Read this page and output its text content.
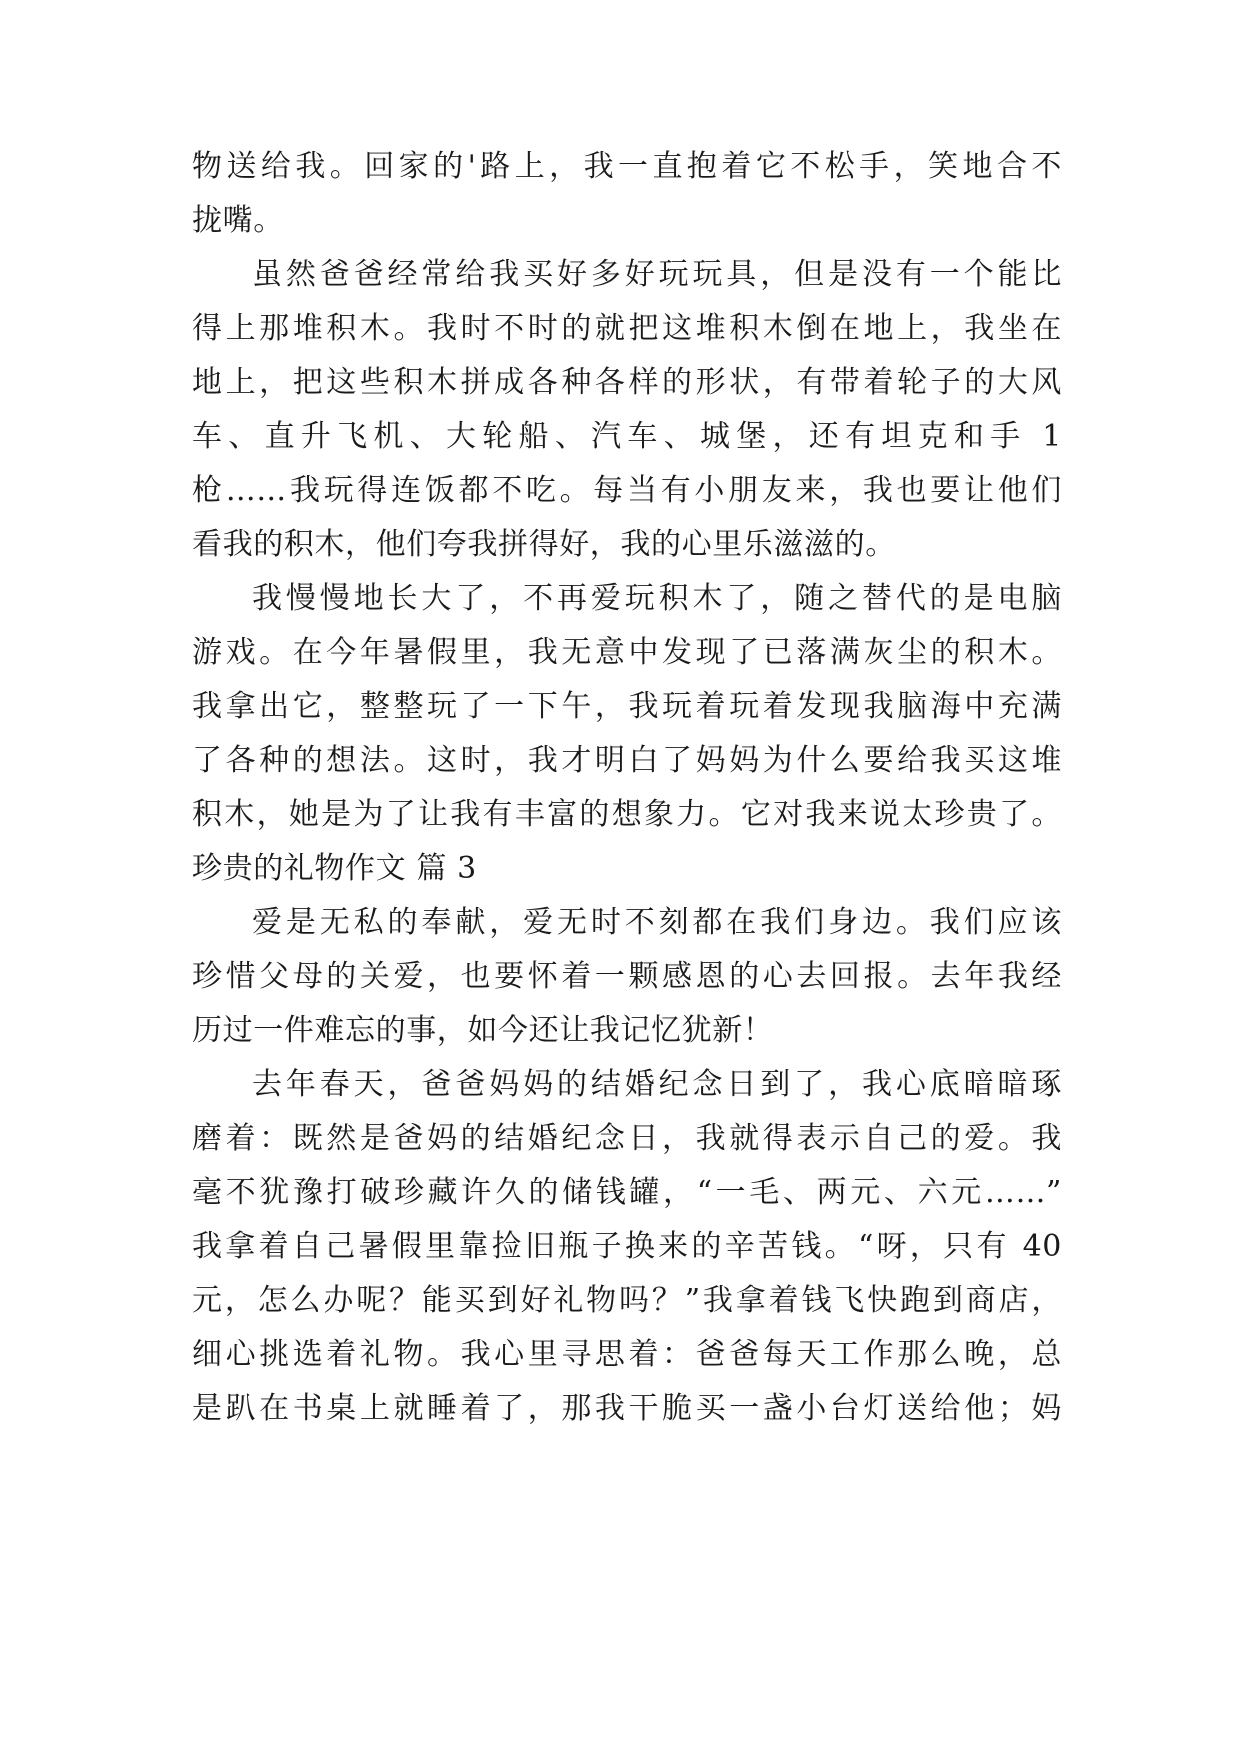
物送给我。回家的'路上，我一直抱着它不松手，笑地合不
拢嘴。
虽然爸爸经常给我买好多好玩玩具，但是没有一个能比
得上那堆积木。我时不时的就把这堆积木倒在地上，我坐在
地上，把这些积木拼成各种各样的形状，有带着轮子的大风
车、直升飞机、大轮船、汽车、城堡，还有坦克和手 1
枪……我玩得连饭都不吃。每当有小朋友来，我也要让他们
看我的积木，他们夸我拼得好，我的心里乐滋滋的。
我慢慢地长大了，不再爱玩积木了，随之替代的是电脑
游戏。在今年暑假里，我无意中发现了已落满灰尘的积木。
我拿出它，整整玩了一下午，我玩着玩着发现我脑海中充满
了各种的想法。这时，我才明白了妈妈为什么要给我买这堆
积木，她是为了让我有丰富的想象力。它对我来说太珍贵了。
珍贵的礼物作文 篇 3
爱是无私的奉献，爱无时不刻都在我们身边。我们应该
珍惜父母的关爱，也要怀着一颗感恩的心去回报。去年我经
历过一件难忘的事，如今还让我记忆犹新！
去年春天，爸爸妈妈的结婚纪念日到了，我心底暗暗琢
磨着：既然是爸妈的结婚纪念日，我就得表示自己的爱。我
毫不犹豫打破珍藏许久的储钱罐，“一毛、两元、六元……”
我拿着自己暑假里靠捡旧瓶子换来的辛苦钱。“呀，只有 40
元，怎么办呢？能买到好礼物吗？”我拿着钱飞快跑到商店，
细心挑选着礼物。我心里寻思着：爸爸每天工作那么晚，总
是趴在书桌上就睡着了，那我干脆买一盏小台灯送给他；妈
